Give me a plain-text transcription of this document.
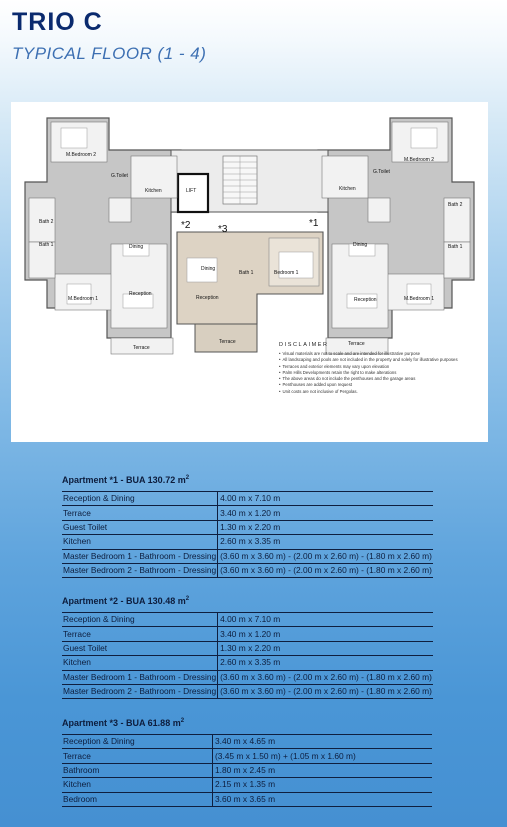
TRIO C
TYPICAL FLOOR (1 - 4)
M.Bedroom 2
G.Toilet
Kitchen
Bath 2
Bath 1	Dining
Reception
M.Bedroom 1
Terrace
LIFT
*2	*3
*1
Dining
Reception
Bath 1	Bedroom 1
Terrace
M.Bedroom 2
G.Toilet
Kitchen
Bath 2
Bath 1
Dining
Reception	M.Bedroom 1
Terrace
DISCLAIMER
• Visual materials are not to scale and are intended for illustrative purpose
• All landscaping and pools are not included in the property and solely for illustrative purposes
• Terraces and exterior elements may vary upon elevation
• Palm Hills Developments retain the right to make alterations
• The above areas do not include the penthouses and the garage areas
• Penthouses are added upon request
• Unit costs are not inclusive of Pergolas.
Apartment *1 - BUA 130.72 $m^2$
Reception & Dining	4.00 m x 7.10 m
Terrace	3.40 m x 1.20 m
Guest Toilet	1.30 m x 2.20 m
Kitchen	2.60 m x 3.35 m
Master Bedroom 1 - Bathroom - Dressing	(3.60 m x 3.60 m) - (2.00 m x 2.60 m) - (1.80 m x 2.60 m)
Master Bedroom 2 - Bathroom - Dressing	(3.60 m x 3.60 m) - (2.00 m x 2.60 m) - (1.80 m x 2.60 m)
Apartment *2 - BUA 130.48 $m^2$
Reception & Dining	4.00 m x 7.10 m
Terrace	3.40 m x 1.20 m
Guest Toilet	1.30 m x 2.20 m
Kitchen	2.60 m x 3.35 m
Master Bedroom 1 - Bathroom - Dressing	(3.60 m x 3.60 m) - (2.00 m x 2.60 m) - (1.80 m x 2.60 m)
Master Bedroom 2 - Bathroom - Dressing	(3.60 m x 3.60 m) - (2.00 m x 2.60 m) - (1.80 m x 2.60 m)
Apartment *3 - BUA 61.88 $m^2$
Reception & Dining	3.40 m x 4.65 m
Terrace	(3.45 m x 1.50 m) + (1.05 m x 1.60 m)
Bathroom	1.80 m x 2.45 m
Kitchen	2.15 m x 1.35 m
Bedroom	3.60 m x 3.65 m
